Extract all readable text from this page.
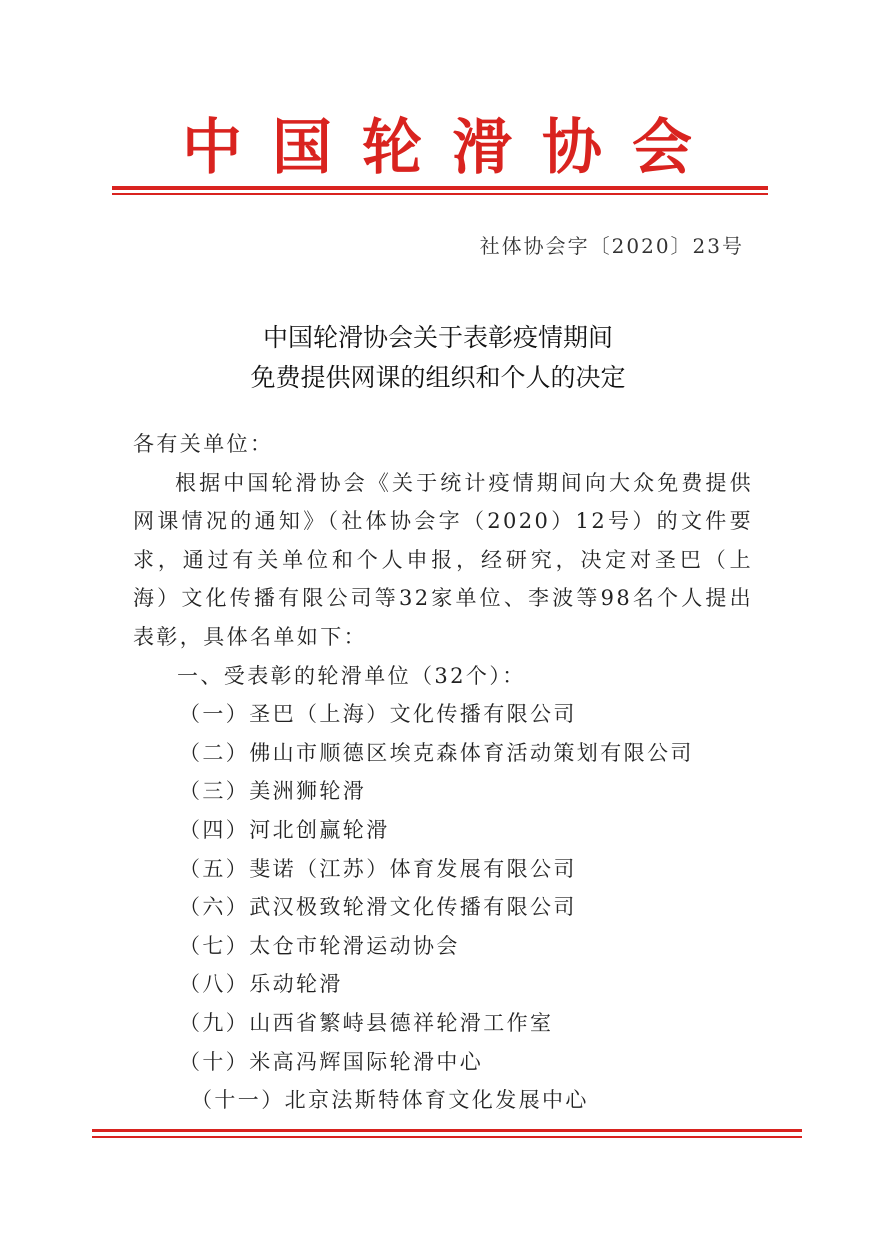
中国轮滑协会
社体协会字〔2020〕23号
中国轮滑协会关于表彰疫情期间
免费提供网课的组织和个人的决定

各有关单位：

根据中国轮滑协会《关于统计疫情期间向大众免费提供网课情况的通知》（社体协会字（2020）12号）的文件要求，通过有关单位和个人申报，经研究，决定对圣巴（上海）文化传播有限公司等32家单位、李波等98名个人提出表彰，具体名单如下：

一、受表彰的轮滑单位（32个）：

（一）圣巴（上海）文化传播有限公司
（二）佛山市顺德区埃克森体育活动策划有限公司
（三）美洲狮轮滑
（四）河北创赢轮滑
（五）斐诺（江苏）体育发展有限公司
（六）武汉极致轮滑文化传播有限公司
（七）太仓市轮滑运动协会
（八）乐动轮滑
（九）山西省繁峙县德祥轮滑工作室
（十）米高冯辉国际轮滑中心
（十一）北京法斯特体育文化发展中心
